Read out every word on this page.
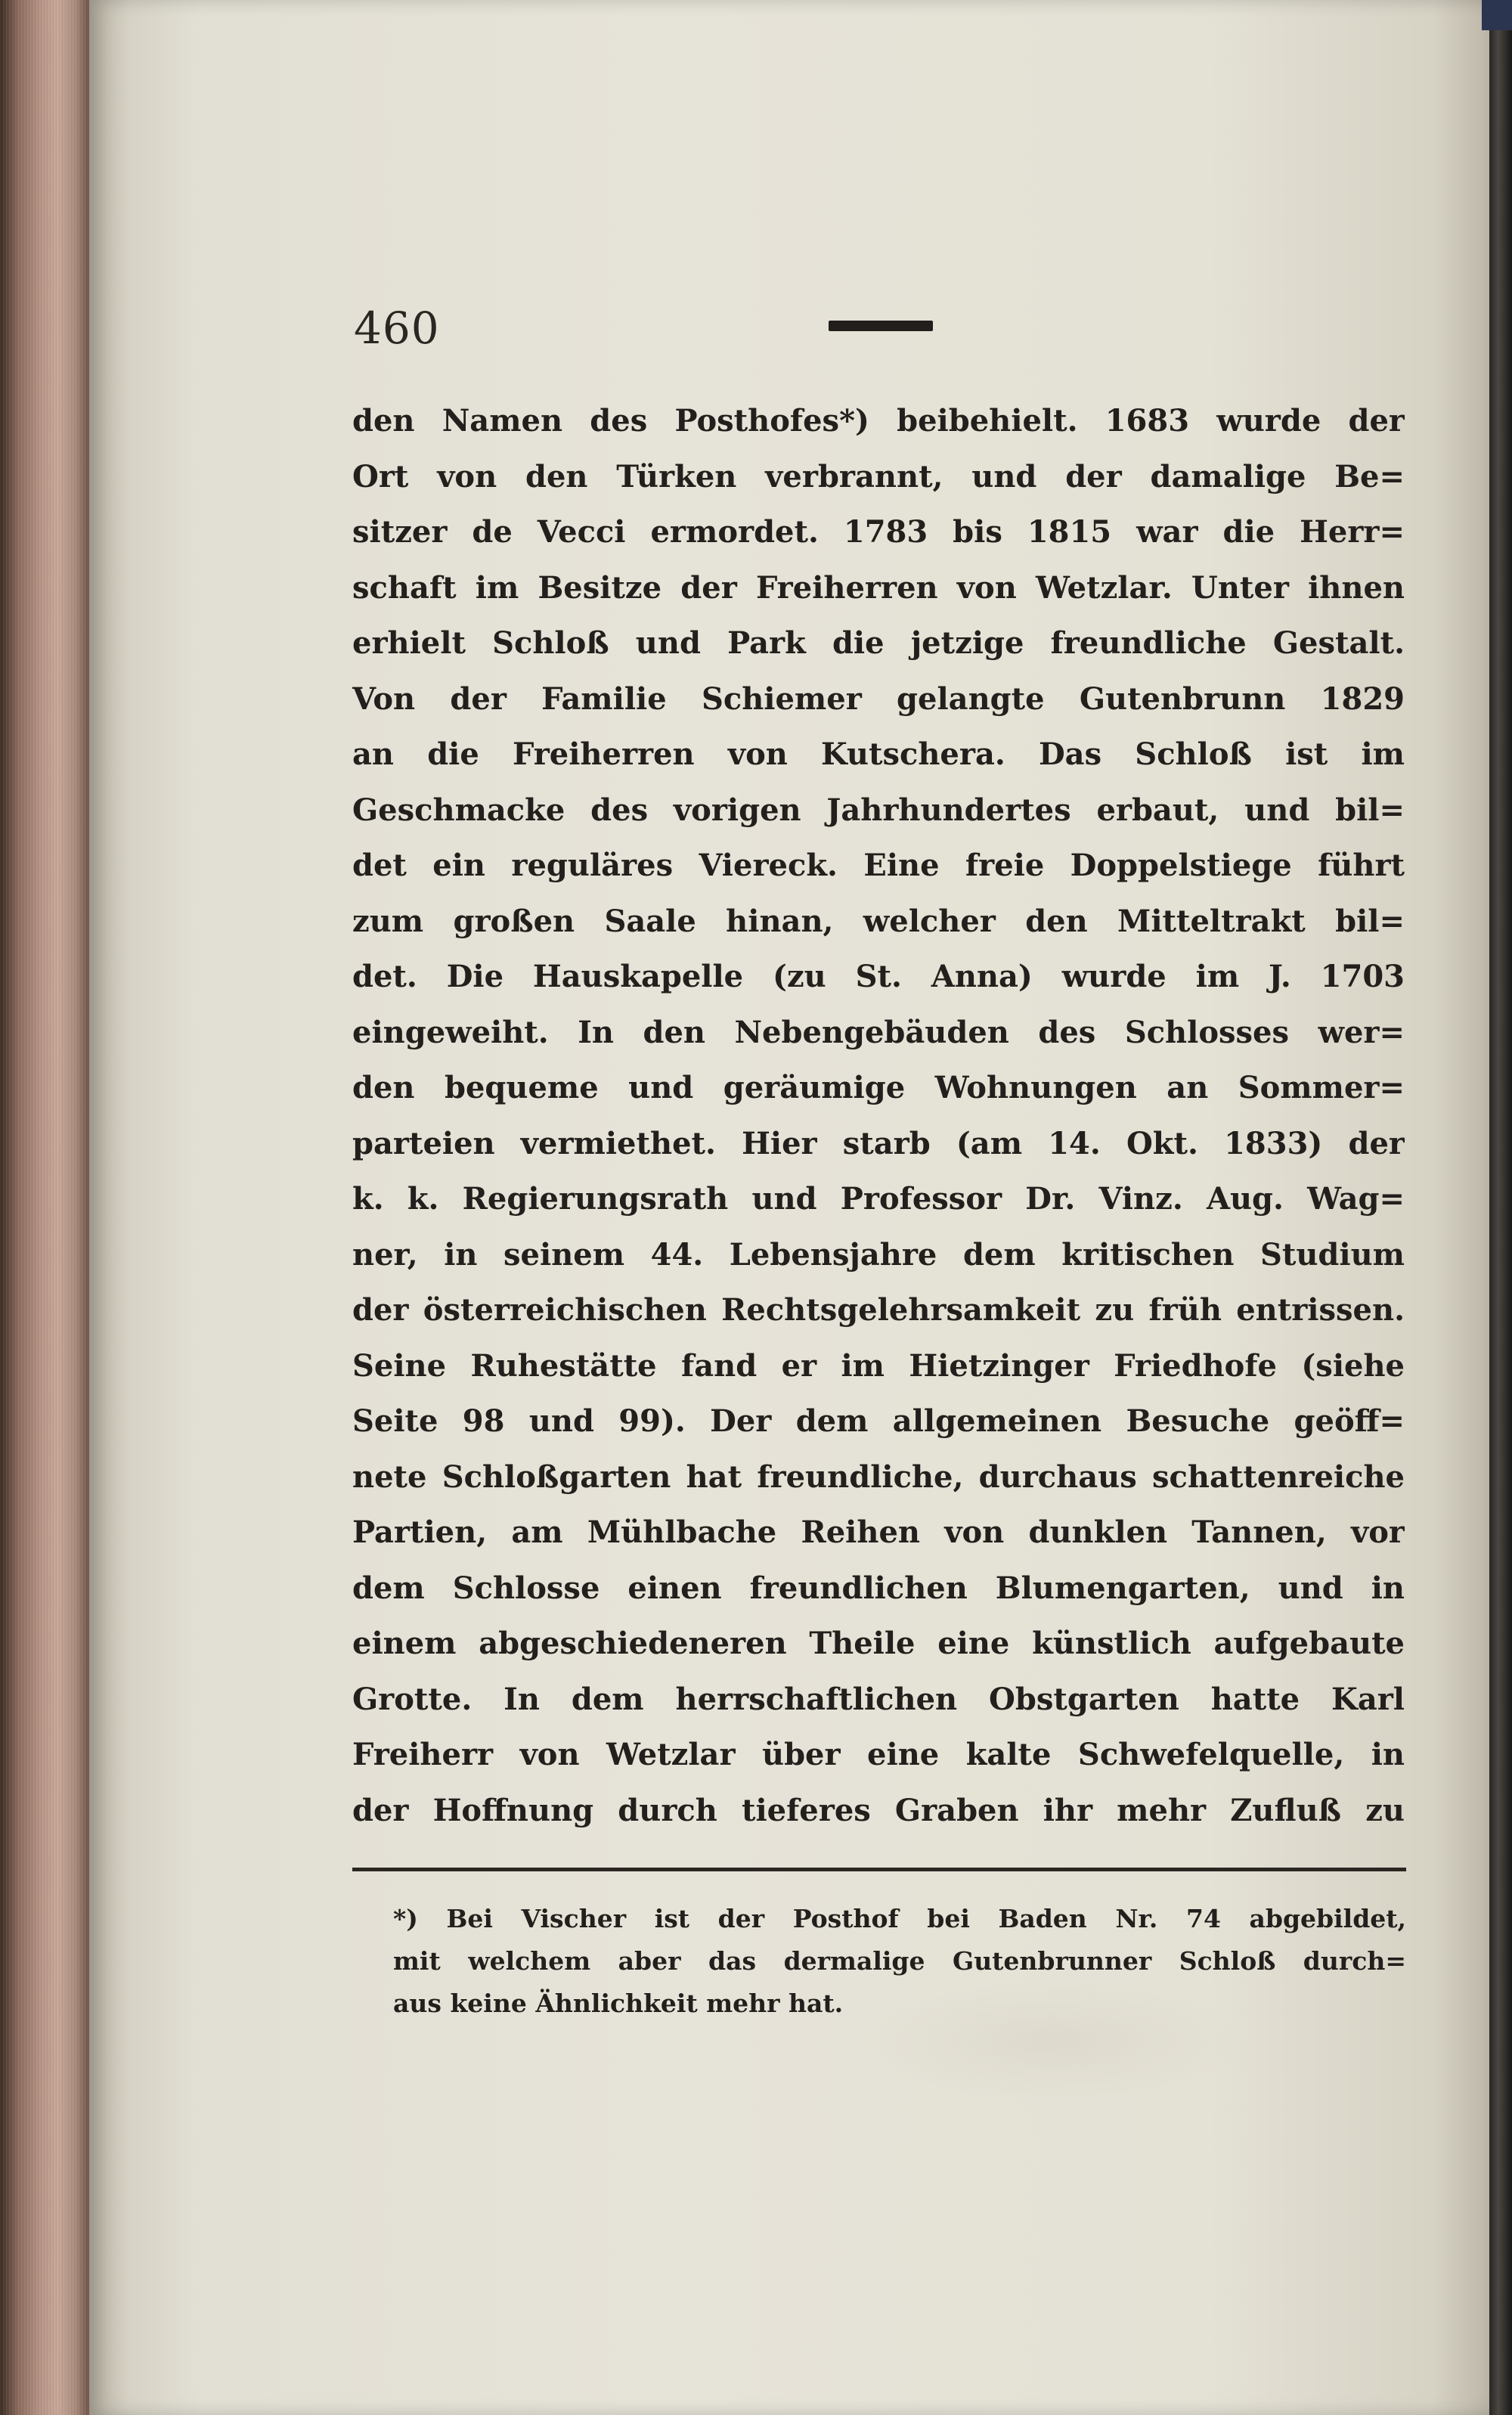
460
den Namen des Posthofes*) beibehielt. 1683 wurde der
Ort von den Türken verbrannt, und der damalige Be=
sitzer de Vecci ermordet. 1783 bis 1815 war die Herr=
schaft im Besitze der Freiherren von Wetzlar. Unter ihnen
erhielt Schloß und Park die jetzige freundliche Gestalt.
Von der Familie Schiemer gelangte Gutenbrunn 1829
an die Freiherren von Kutschera. Das Schloß ist im
Geschmacke des vorigen Jahrhundertes erbaut, und bil=
det ein reguläres Viereck. Eine freie Doppelstiege führt
zum großen Saale hinan, welcher den Mitteltrakt bil=
det. Die Hauskapelle (zu St. Anna) wurde im J. 1703
eingeweiht. In den Nebengebäuden des Schlosses wer=
den bequeme und geräumige Wohnungen an Sommer=
parteien vermiethet. Hier starb (am 14. Okt. 1833) der
k. k. Regierungsrath und Professor Dr. Vinz. Aug. Wag=
ner, in seinem 44. Lebensjahre dem kritischen Studium
der österreichischen Rechtsgelehrsamkeit zu früh entrissen.
Seine Ruhestätte fand er im Hietzinger Friedhofe (siehe
Seite 98 und 99). Der dem allgemeinen Besuche geöff=
nete Schloßgarten hat freundliche, durchaus schattenreiche
Partien, am Mühlbache Reihen von dunklen Tannen, vor
dem Schlosse einen freundlichen Blumengarten, und in
einem abgeschiedeneren Theile eine künstlich aufgebaute
Grotte. In dem herrschaftlichen Obstgarten hatte Karl
Freiherr von Wetzlar über eine kalte Schwefelquelle, in
der Hoffnung durch tieferes Graben ihr mehr Zufluß zu
*) Bei Vischer ist der Posthof bei Baden Nr. 74 abgebildet,
mit welchem aber das dermalige Gutenbrunner Schloß durch=
aus keine Ähnlichkeit mehr hat.
